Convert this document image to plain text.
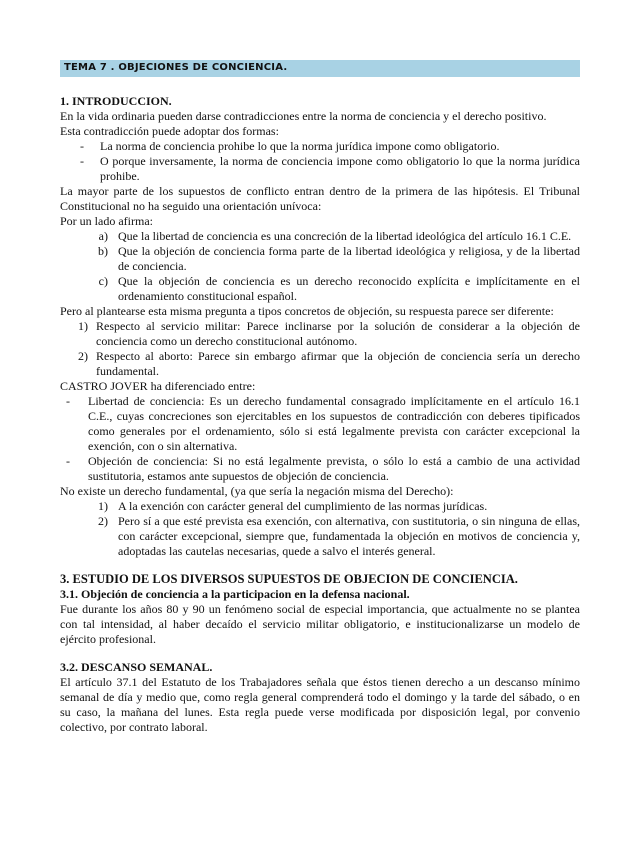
TEMA 7 . OBJECIONES DE CONCIENCIA.

1. INTRODUCCION.

En la vida ordinaria pueden darse contradicciones entre la norma de conciencia y el derecho positivo.

Esta contradicción puede adoptar dos formas:

- La norma de conciencia prohibe lo que la norma jurídica impone como obligatorio.
- O porque inversamente, la norma de conciencia impone como obligatorio lo que la norma jurídica prohibe.

La mayor parte de los supuestos de conflicto entran dentro de la primera de las hipótesis. El Tribunal Constitucional no ha seguido una orientación unívoca:

Por un lado afirma:

a) Que la libertad de conciencia es una concreción de la libertad ideológica del artículo 16.1 C.E.
b) Que la objeción de conciencia forma parte de la libertad ideológica y religiosa, y de la libertad de conciencia.
c) Que la objeción de conciencia es un derecho reconocido explícita e implícitamente en el ordenamiento constitucional español.

Pero al plantearse esta misma pregunta a tipos concretos de objeción, su respuesta parece ser diferente:

1) Respecto al servicio militar: Parece inclinarse por la solución de considerar a la objeción de conciencia como un derecho constitucional autónomo.
2) Respecto al aborto: Parece sin embargo afirmar que la objeción de conciencia sería un derecho fundamental.

CASTRO JOVER ha diferenciado entre:

- Libertad de conciencia: Es un derecho fundamental consagrado implícitamente en el artículo 16.1 C.E., cuyas concreciones son ejercitables en los supuestos de contradicción con deberes tipificados como generales por el ordenamiento, sólo si está legalmente prevista con carácter excepcional la exención, con o sin alternativa.
- Objeción de conciencia: Si no está legalmente prevista, o sólo lo está a cambio de una actividad sustitutoria, estamos ante supuestos de objeción de conciencia.

No existe un derecho fundamental, (ya que sería la negación misma del Derecho):

1) A la exención con carácter general del cumplimiento de las normas jurídicas.
2) Pero sí a que esté prevista esa exención, con alternativa, con sustitutoria, o sin ninguna de ellas, con carácter excepcional, siempre que, fundamentada la objeción en motivos de conciencia y, adoptadas las cautelas necesarias, quede a salvo el interés general.

3. ESTUDIO DE LOS DIVERSOS SUPUESTOS DE OBJECION DE CONCIENCIA.

3.1. Objeción de conciencia a la participacion en la defensa nacional.

Fue durante los años 80 y 90 un fenómeno social de especial importancia, que actualmente no se plantea con tal intensidad, al haber decaído el servicio militar obligatorio, e institucionalizarse un modelo de ejército profesional.

3.2. DESCANSO SEMANAL.

El artículo 37.1 del Estatuto de los Trabajadores señala que éstos tienen derecho a un descanso mínimo semanal de día y medio que, como regla general comprenderá todo el domingo y la tarde del sábado, o en su caso, la mañana del lunes. Esta regla puede verse modificada por disposición legal, por convenio colectivo, por contrato laboral.
